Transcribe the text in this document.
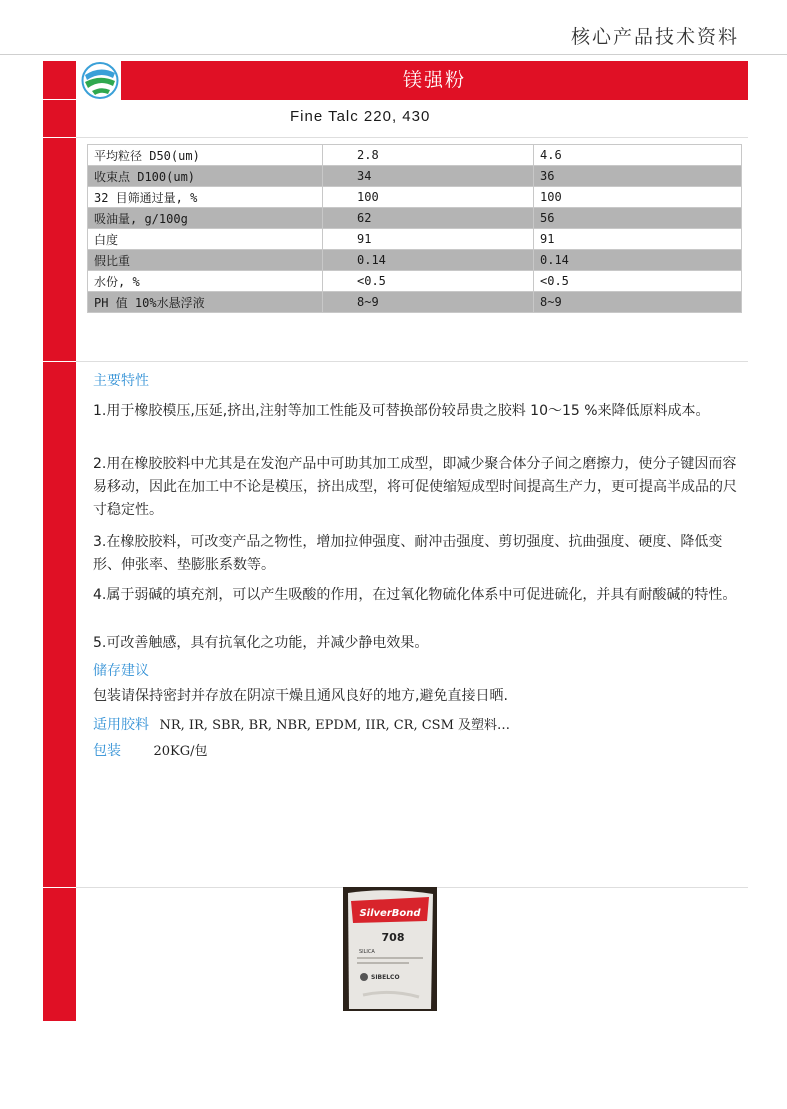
核心产品技术资料
镁强粉
Fine Talc 220, 430
平均粒径 D50(um)	2.8	4.6
收束点 D100(um)	34	36
32 目筛通过量, %	100	100
吸油量, g/100g	62	56
白度	91	91
假比重	0.14	0.14
水份, %	<0.5	<0.5
PH 值 10%水悬浮液	8~9	8~9
主要特性
1.用于橡胶模压,压延,挤出,注射等加工性能及可替换部份较昂贵之胶料 10～15 %来降低原料成本。
2.用在橡胶胶料中尤其是在发泡产品中可助其加工成型，即减少聚合体分子间之磨擦力，使分子键因而容易移动，因此在加工中不论是模压，挤出成型，将可促使缩短成型时间提高生产力，更可提高半成品的尺寸稳定性。
3.在橡胶胶料，可改变产品之物性，增加拉伸强度、耐冲击强度、剪切强度、抗曲强度、硬度、降低变形、伸张率、垫膨胀系数等。
4.属于弱碱的填充剂，可以产生吸酸的作用，在过氧化物硫化体系中可促进硫化，并具有耐酸碱的特性。
5.可改善触感，具有抗氧化之功能，并减少静电效果。
储存建议
包装请保持密封并存放在阴凉干燥且通风良好的地方,避免直接日晒.
适用胶料 NR, IR, SBR, BR, NBR, EPDM, IIR, CR, CSM 及塑料…
包装 20KG/包
SilverBond
708
SILICA
SIBELCO
